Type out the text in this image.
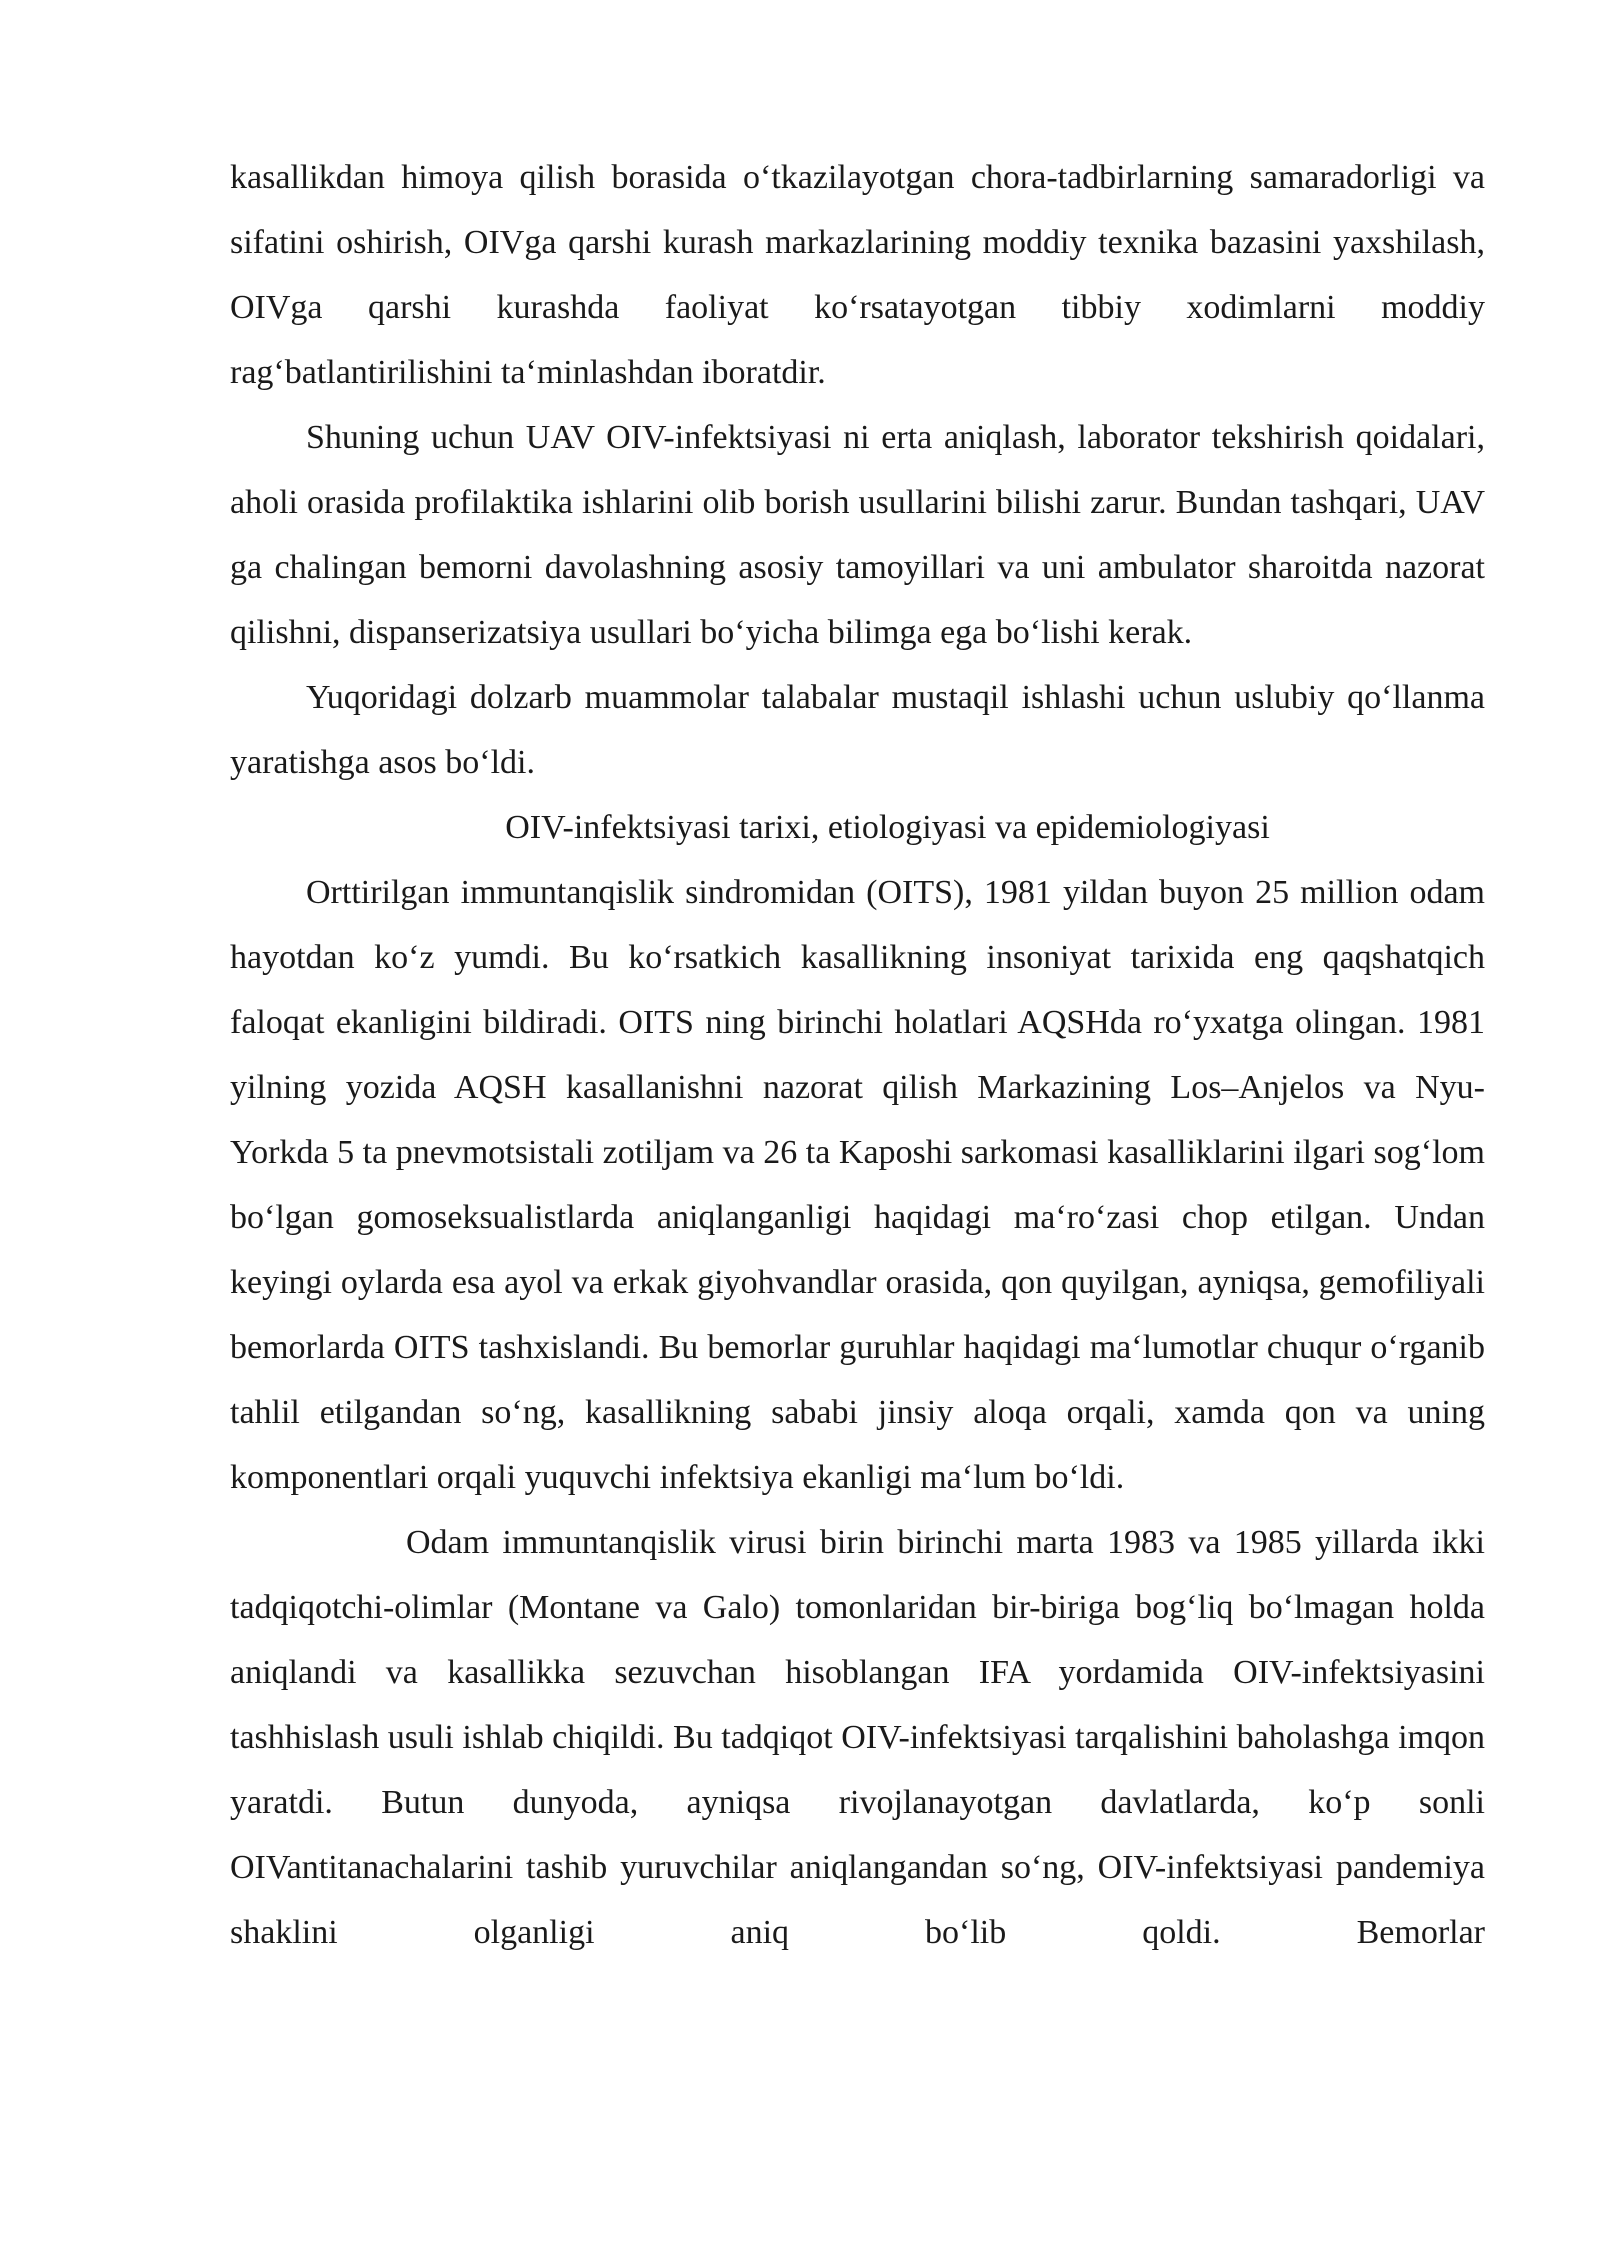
kasallikdan himoya qilish borasida o‘tkazilayotgan chora-tadbirlarning samaradorligi va sifatini oshirish, OIVga qarshi kurash markazlarining moddiy texnika bazasini yaxshilash, OIVga qarshi kurashda faoliyat ko‘rsatayotgan tibbiy xodimlarni moddiy rag‘batlantirilishini ta‘minlashdan iboratdir.

Shuning uchun UAV OIV-infektsiyasi ni erta aniqlash, laborator tekshirish qoidalari, aholi orasida profilaktika ishlarini olib borish usullarini bilishi zarur. Bundan tashqari, UAV ga chalingan bemorni davolashning asosiy tamoyillari va uni ambulator sharoitda nazorat qilishni, dispanserizatsiya usullari bo‘yicha bilimga ega bo‘lishi kerak.

Yuqoridagi dolzarb muammolar talabalar mustaqil ishlashi uchun uslubiy qo‘llanma yaratishga asos bo‘ldi.

OIV-infektsiyasi tarixi, etiologiyasi va epidemiologiyasi

Orttirilgan immuntanqislik sindromidan (OITS), 1981 yildan buyon 25 million odam hayotdan ko‘z yumdi. Bu ko‘rsatkich kasallikning insoniyat tarixida eng qaqshatqich faloqat ekanligini bildiradi. OITS ning birinchi holatlari AQSHda ro‘yxatga olingan. 1981 yilning yozida AQSH kasallanishni nazorat qilish Markazining Los–Anjelos va Nyu- Yorkda 5 ta pnevmotsistali zotiljam va 26 ta Kaposhi sarkomasi kasalliklarini ilgari sog‘lom bo‘lgan gomoseksualistlarda aniqlanganligi haqidagi ma‘ro‘zasi chop etilgan. Undan keyingi oylarda esa ayol va erkak giyohvandlar orasida, qon quyilgan, ayniqsa, gemofiliyali bemorlarda OITS tashxislandi. Bu bemorlar guruhlar haqidagi ma‘lumotlar chuqur o‘rganib tahlil etilgandan so‘ng, kasallikning sababi jinsiy aloqa orqali, xamda qon va uning komponentlari orqali yuquvchi infektsiya ekanligi ma‘lum bo‘ldi.

Odam immuntanqislik virusi birin birinchi marta 1983 va 1985 yillarda ikki tadqiqotchi-olimlar (Montane va Galo) tomonlaridan bir-biriga bog‘liq bo‘lmagan holda aniqlandi va kasallikka sezuvchan hisoblangan IFA yordamida OIV-infektsiyasini tashhislash usuli ishlab chiqildi. Bu tadqiqot OIV-infektsiyasi tarqalishini baholashga imqon yaratdi. Butun dunyoda, ayniqsa rivojlanayotgan davlatlarda, ko‘p sonli OIVantitanachalarini tashib yuruvchilar aniqlangandan so‘ng, OIV-infektsiyasi pandemiya shaklini olganligi aniq bo‘lib qoldi. Bemorlar
